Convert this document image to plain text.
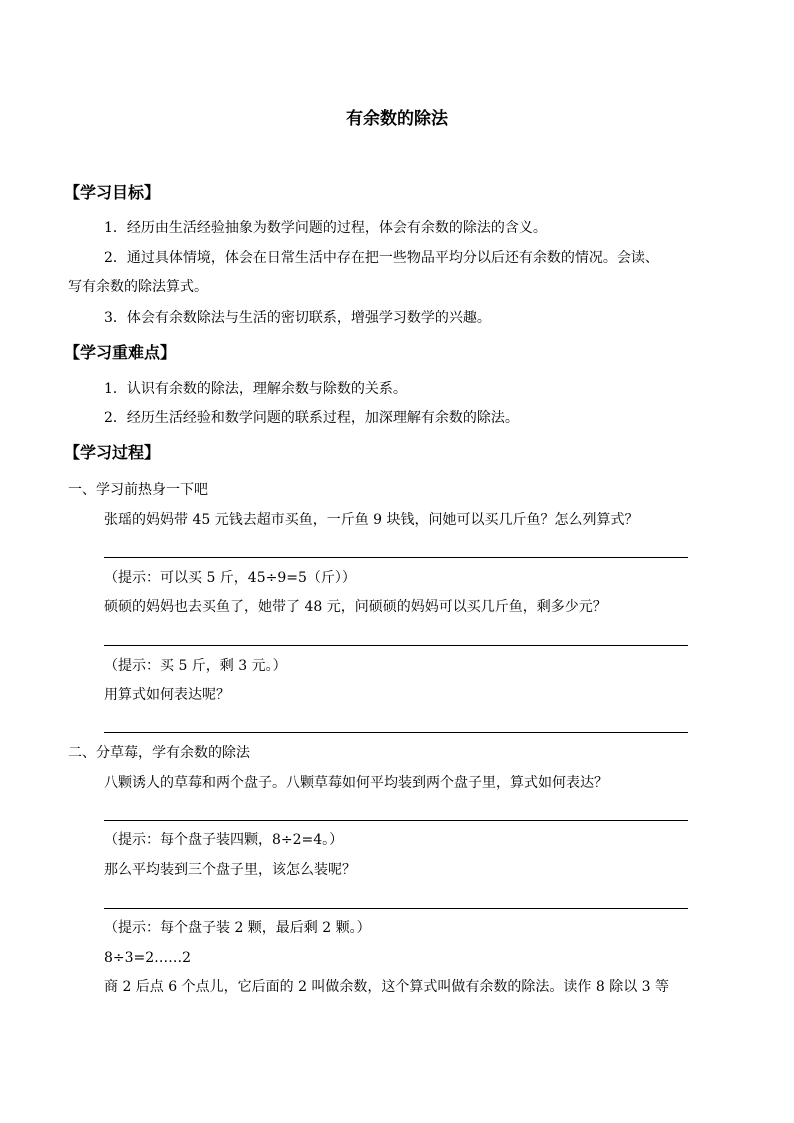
有余数的除法
【学习目标】
1．经历由生活经验抽象为数学问题的过程，体会有余数的除法的含义。
2．通过具体情境，体会在日常生活中存在把一些物品平均分以后还有余数的情况。会读、
写有余数的除法算式。
3．体会有余数除法与生活的密切联系，增强学习数学的兴趣。
【学习重难点】
1．认识有余数的除法，理解余数与除数的关系。
2．经历生活经验和数学问题的联系过程，加深理解有余数的除法。
【学习过程】
一、学习前热身一下吧
张瑶的妈妈带 45 元钱去超市买鱼，一斤鱼 9 块钱，问她可以买几斤鱼？怎么列算式？
（提示：可以买 5 斤，45÷9=5（斤））
硕硕的妈妈也去买鱼了，她带了 48 元，问硕硕的妈妈可以买几斤鱼，剩多少元？
（提示：买 5 斤，剩 3 元。）
用算式如何表达呢？
二、分草莓，学有余数的除法
八颗诱人的草莓和两个盘子。八颗草莓如何平均装到两个盘子里，算式如何表达？
（提示：每个盘子装四颗，8÷2=4。）
那么平均装到三个盘子里，该怎么装呢？
（提示：每个盘子装 2 颗，最后剩 2 颗。）
8÷3=2……2
商 2 后点 6 个点儿，它后面的 2 叫做余数，这个算式叫做有余数的除法。读作 8 除以 3 等
